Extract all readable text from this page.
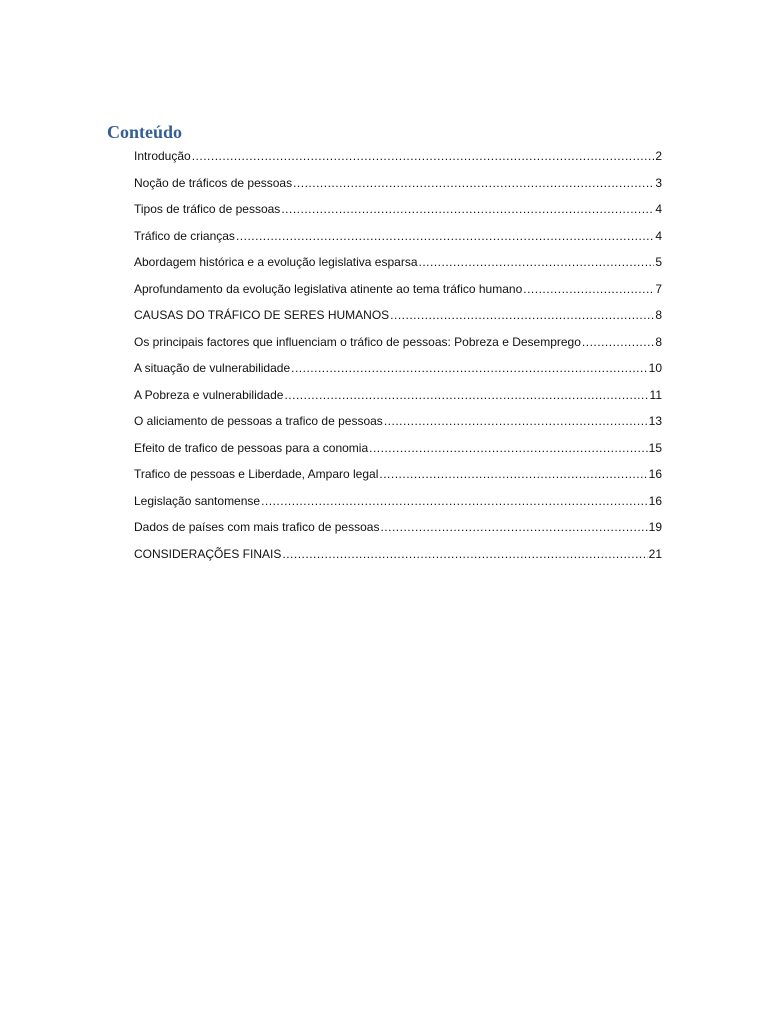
Conteúdo
Introdução .....	2
Noção de tráficos de pessoas .....	3
Tipos de tráfico de pessoas .....	4
Tráfico de crianças .....	4
Abordagem histórica e a evolução legislativa esparsa .....	5
Aprofundamento da evolução legislativa atinente ao tema tráfico humano .....	7
CAUSAS DO TRÁFICO DE SERES HUMANOS .....	8
Os principais factores que influenciam o tráfico de pessoas: Pobreza e Desemprego .....	8
A situação de vulnerabilidade .....	10
A Pobreza e vulnerabilidade .....	11
O aliciamento de pessoas a trafico de pessoas .....	13
Efeito de trafico de pessoas para a conomia .....	15
Trafico de pessoas e Liberdade, Amparo legal .....	16
Legislação santomense .....	16
Dados de países com mais trafico de pessoas .....	19
CONSIDERAÇÕES FINAIS .....	21
